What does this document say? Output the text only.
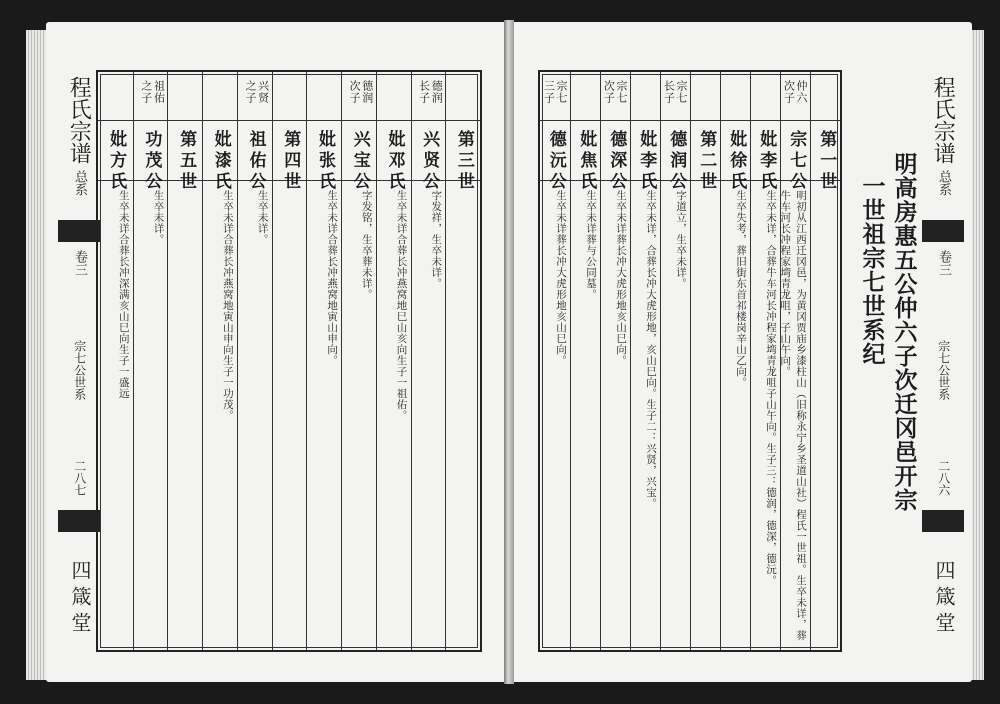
程氏宗谱
总系
卷三
宗七公世系
二八七
四箴堂
第三世
德润
长子
兴贤公
字发祥，生卒未详。
妣邓氏
生卒未详合葬长冲燕窝地巳山亥向生子一祖佑。
德润
次子
兴宝公
字发铭，生卒葬未详。
妣张氏
生卒未详合葬长冲燕窝地寅山申向。
第四世
兴贤
之子
祖佑公
生卒未详。
妣漆氏
生卒未详合葬长冲燕窝地寅山申向生子一功茂。
第五世
祖佑
之子
功茂公
生卒未详。
妣方氏
生卒未详合葬长冲深满亥山巳向生子一盛远
第一世
仲六
次子
宗七公
明初从江西迁冈邑，为黄冈贾庙乡漆柱山（旧称永宁乡圣道山社）程氏一世祖。生卒未详，葬牛车河长冲程家塆青龙咀，子山午向。
妣李氏
生卒未详，合葬牛车河长冲程家塆青龙咀子山午向。生子三：德润，德深，德沅。
妣徐氏
生卒失考，葬旧街东首祁楼岗辛山乙向。
第二世
宗七
长子
德润公
字道立，生卒未详。
妣李氏
生卒未详，合葬长冲大虎形地，亥山巳向。生子二：兴贤，兴宝。
宗七
次子
德深公
生卒未详葬长冲大虎形地亥山巳向。
妣焦氏
生卒未详葬与公同墓。
宗七
三子
德沅公
生卒未详葬长冲大虎形地亥山巳向。	明高房惠五公仲六子次迁冈邑开宗
一世祖宗七世系纪
程氏宗谱
总系
卷三
宗七公世系
二八六
四箴堂
